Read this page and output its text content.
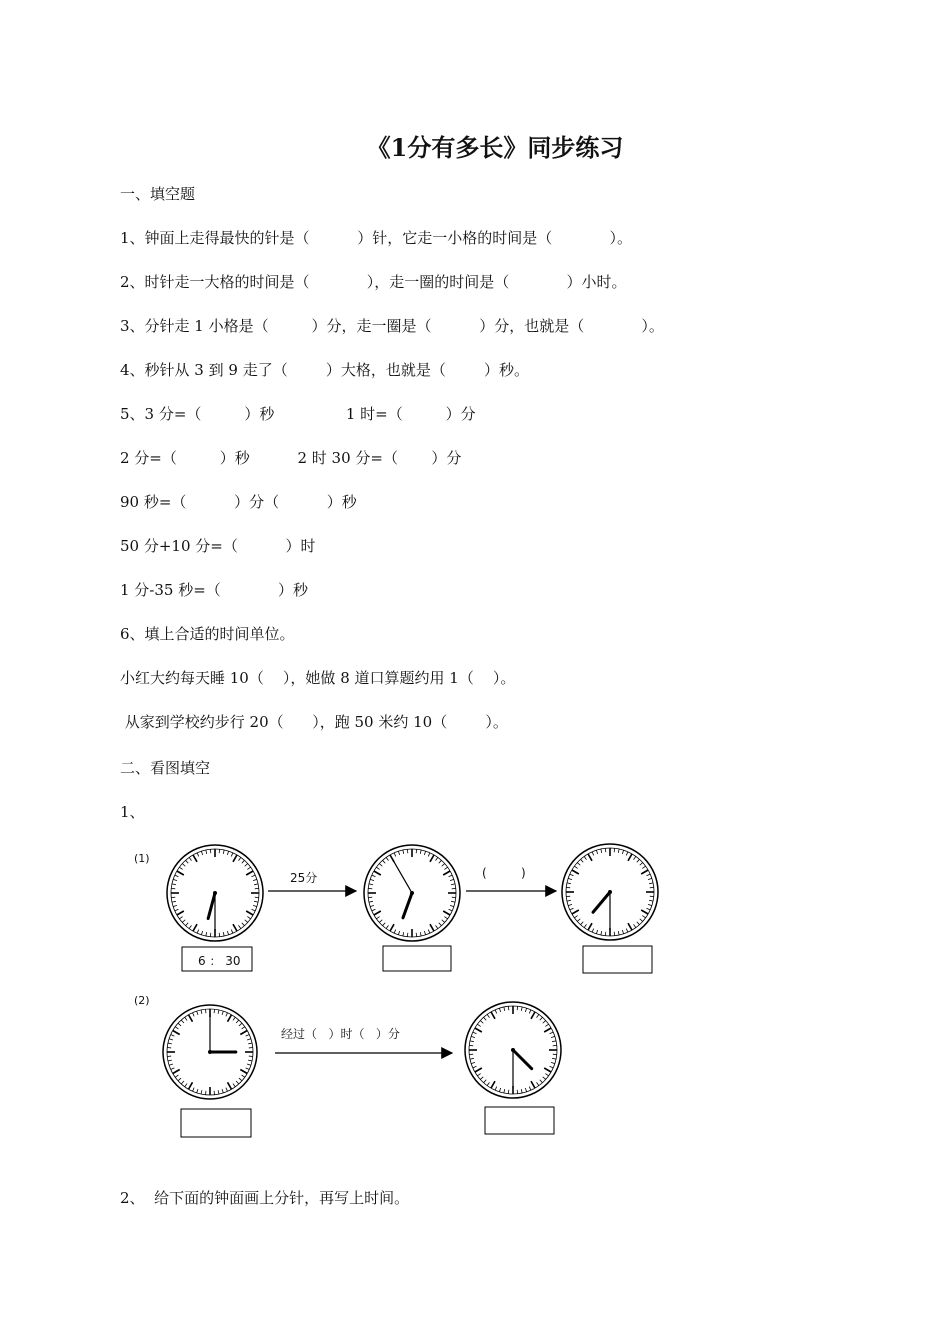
《1分有多长》同步练习
一、填空题
1、钟面上走得最快的针是（          ）针，它走一小格的时间是（            ）。
2、时针走一大格的时间是（            ），走一圈的时间是（            ）小时。
3、分针走 1 小格是（         ）分，走一圈是（          ）分，也就是（            ）。
4、秒针从 3 到 9 走了（        ）大格，也就是（        ）秒。
5、3 分=（         ）秒               1 时=（         ）分
2 分=（         ）秒          2 时 30 分=（       ）分
90 秒=（          ）分（          ）秒
50 分+10 分=（          ）时
1 分-35 秒=（            ）秒
6、填上合适的时间单位。
小红大约每天睡 10（    ），她做 8 道口算题约用 1（    ）。
从家到学校约步行 20（      ），跑 50 米约 10（        ）。
二、看图填空
1、
(1)
25分	(         )
6 ： 30
(2)
经过（   ）时（   ）分
2、  给下面的钟面画上分针，再写上时间。
